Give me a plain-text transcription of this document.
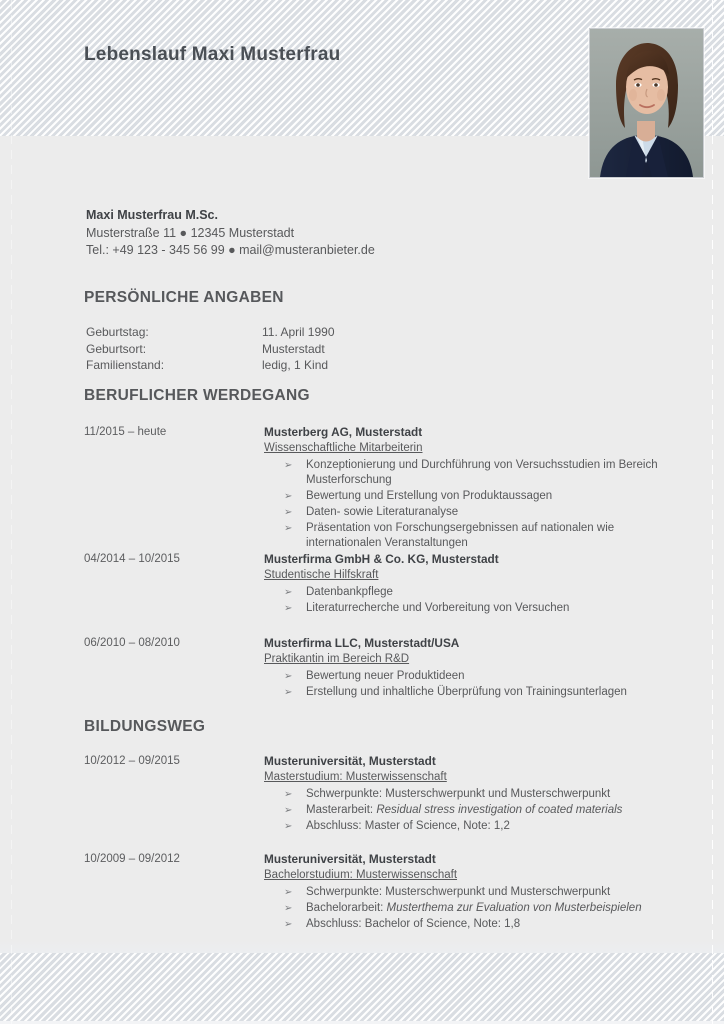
Lebenslauf Maxi Musterfrau
Maxi Musterfrau M.Sc.
Musterstraße 11 ● 12345 Musterstadt
Tel.: +49 123 - 345 56 99 ● mail@musteranbieter.de
PERSÖNLICHE ANGABEN
Geburtstag:	11. April 1990
Geburtsort:	Musterstadt
Familienstand:	ledig, 1 Kind
BERUFLICHER WERDEGANG
11/2015 – heute	Musterberg AG, Musterstadt
Wissenschaftliche Mitarbeiterin
➢ Konzeptionierung und Durchführung von Versuchsstudien im Bereich Musterforschung
➢ Bewertung und Erstellung von Produktaussagen
➢ Daten- sowie Literaturanalyse
➢ Präsentation von Forschungsergebnissen auf nationalen wie internationalen Veranstaltungen
04/2014 – 10/2015	Musterfirma GmbH & Co. KG, Musterstadt
Studentische Hilfskraft
➢ Datenbankpflege
➢ Literaturrecherche und Vorbereitung von Versuchen
06/2010 – 08/2010	Musterfirma LLC, Musterstadt/USA
Praktikantin im Bereich R&D
➢ Bewertung neuer Produktideen
➢ Erstellung und inhaltliche Überprüfung von Trainingsunterlagen
BILDUNGSWEG
10/2012 – 09/2015	Musteruniversität, Musterstadt
Masterstudium: Musterwissenschaft
➢ Schwerpunkte: Musterschwerpunkt und Musterschwerpunkt
➢ Masterarbeit: Residual stress investigation of coated materials
➢ Abschluss: Master of Science, Note: 1,2
10/2009 – 09/2012	Musteruniversität, Musterstadt
Bachelorstudium: Musterwissenschaft
➢ Schwerpunkte: Musterschwerpunkt und Musterschwerpunkt
➢ Bachelorarbeit: Musterthema zur Evaluation von Musterbeispielen
➢ Abschluss: Bachelor of Science, Note: 1,8
